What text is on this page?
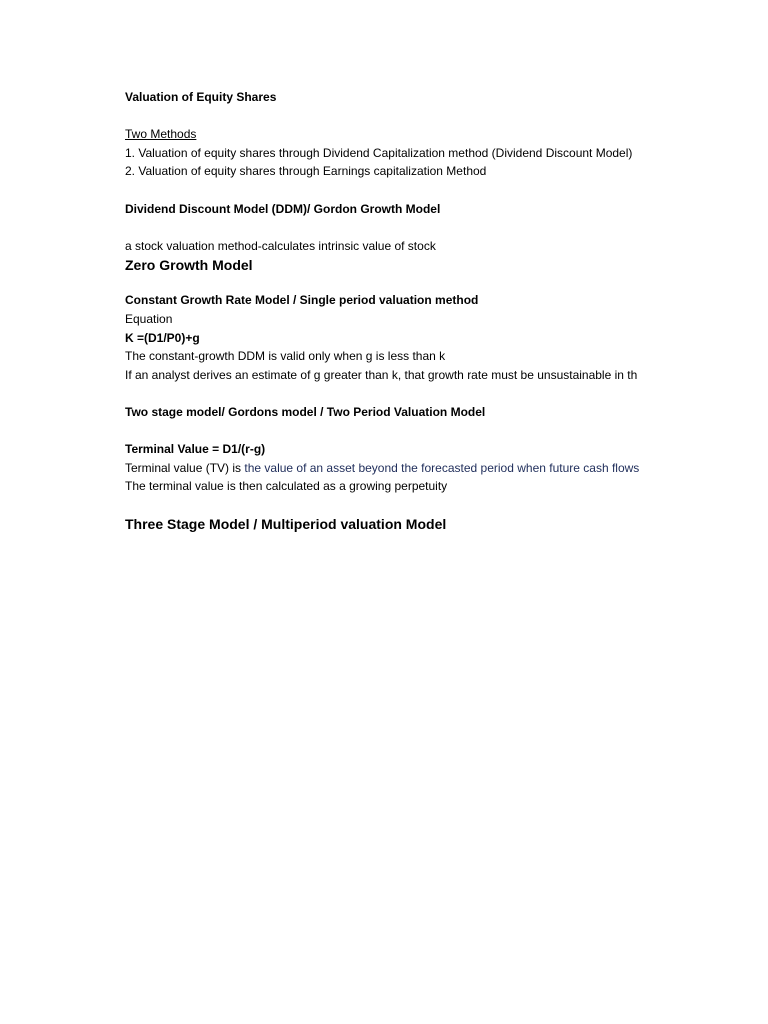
Valuation of Equity Shares
Two Methods
1. Valuation of equity shares through Dividend Capitalization method (Dividend Discount Model)
2. Valuation of equity shares through Earnings capitalization Method
Dividend Discount Model (DDM)/ Gordon Growth Model
a stock valuation method-calculates intrinsic value of stock
Zero Growth Model
Constant Growth Rate Model / Single period valuation method
Equation
K =(D1/P0)+g
The constant-growth DDM is valid only when g is less than k
If an analyst derives an estimate of g greater than k, that growth rate must be unsustainable in th
Two stage model/ Gordons model / Two Period Valuation Model
Terminal Value = D1/(r-g)
Terminal value (TV) is the value of an asset beyond the forecasted period when future cash flows
The terminal value is then calculated as a growing perpetuity
Three Stage Model / Multiperiod valuation Model
